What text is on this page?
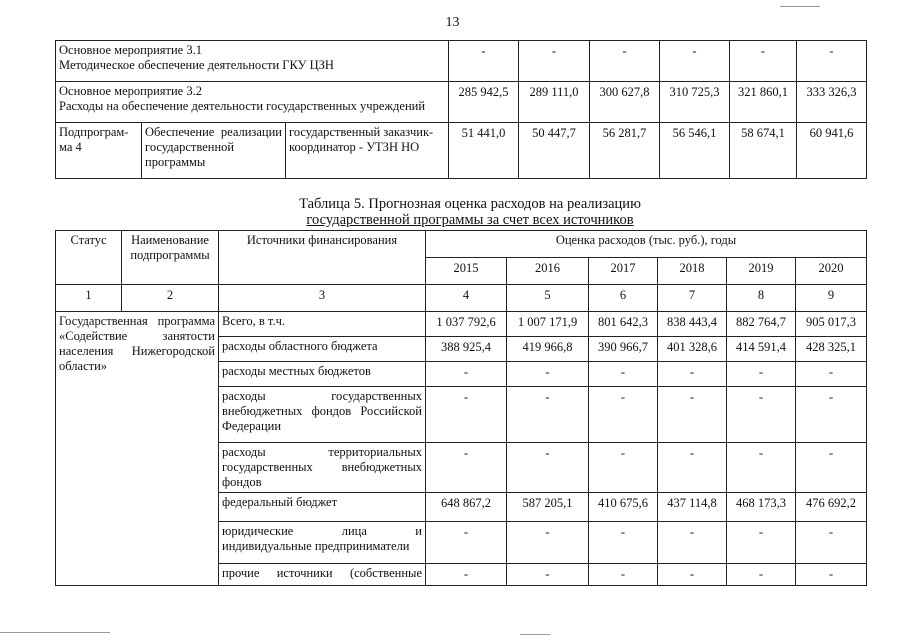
13
Основное мероприятие 3.1
Методическое обеспечение деятельности ГКУ ЦЗН			-	-	-	-	-	-

Основное мероприятие 3.2
Расходы на обеспечение деятельности государственных учреждений			285 942,5	289 111,0	300 627,8	310 725,3	321 860,1	333 326,3
Подпрограм-ма 4	Обеспечение реализации государственной программы	государственный заказчик-координатор - УТЗН НО	51 441,0	50 447,7	56 281,7	56 546,1	58 674,1	60 941,6
Таблица 5. Прогнозная оценка расходов на реализацию
государственной программы за счет всех источников
Статус	Наименование подпрограммы	Источники финансирования	Оценка расходов (тыс. руб.), годы					
			2015	2016	2017	2018	2019	2020
1	2	3	4	5	6	7	8	9
Государственная программа «Содействие занятости населения Нижегородской области»		Всего, в т.ч.	1 037 792,6	1 007 171,9	801 642,3	838 443,4	882 764,7	905 017,3
		расходы областного бюджета	388 925,4	419 966,8	390 966,7	401 328,6	414 591,4	428 325,1
		расходы местных бюджетов	-	-	-	-	-	-
		расходы государственных внебюджетных фондов Российской Федерации	-	-	-	-	-	-
		расходы территориальных государственных внебюджетных фондов	-	-	-	-	-	-
		федеральный бюджет	648 867,2	587 205,1	410 675,6	437 114,8	468 173,3	476 692,2
		юридические лица и индивидуальные предприниматели	-	-	-	-	-	-
		прочие источники (собственные	-	-	-	-	-	-
